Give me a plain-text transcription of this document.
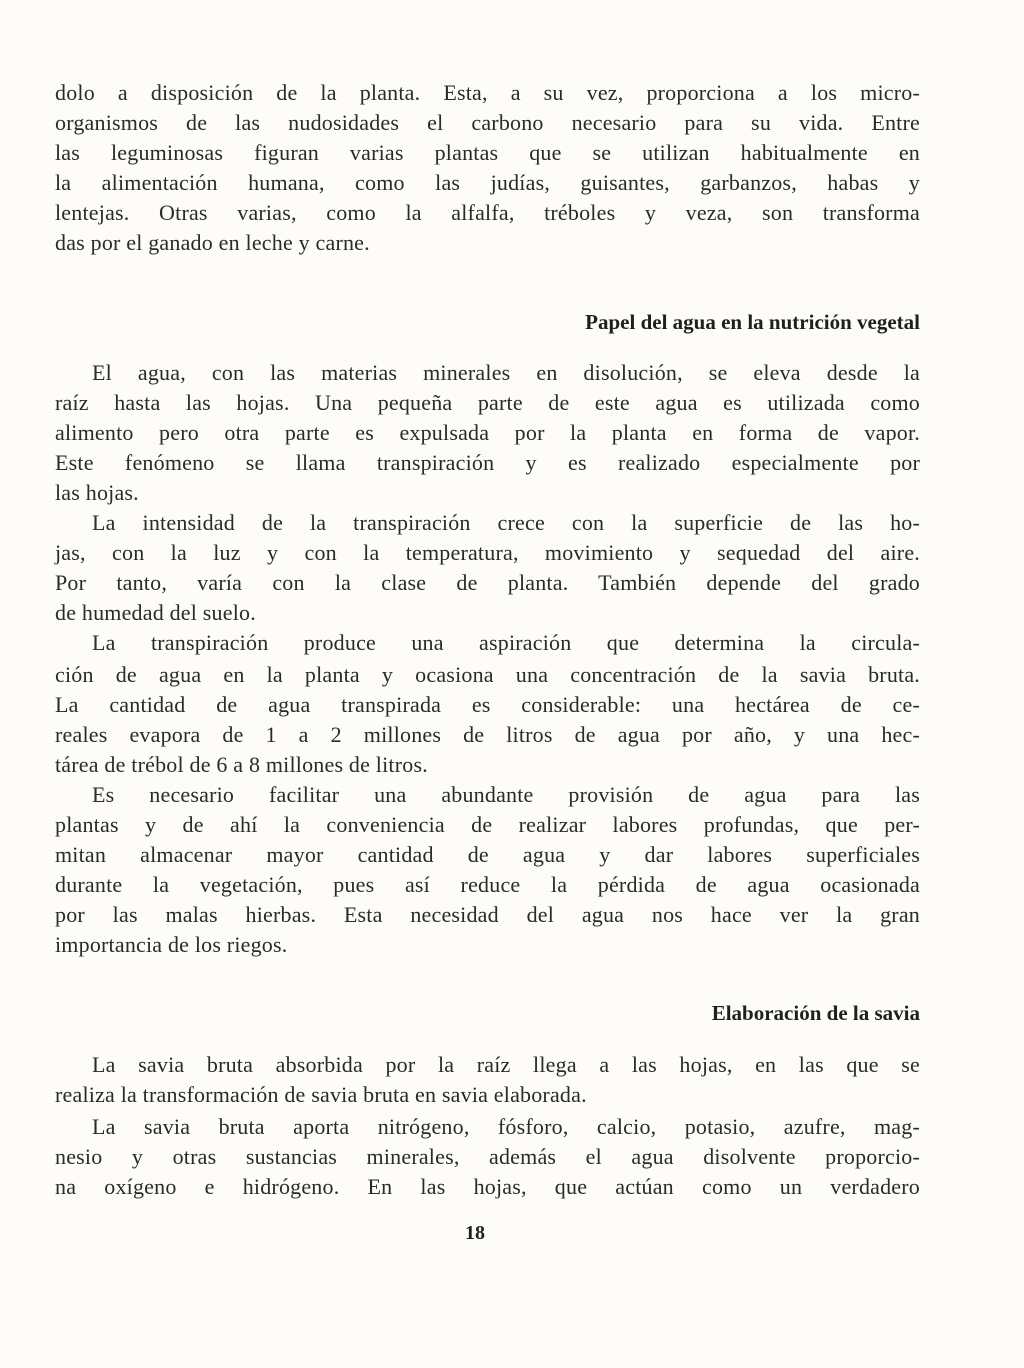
dolo a disposición de la planta. Esta, a su vez, proporciona a los micro-
organismos de las nudosidades el carbono necesario para su vida. Entre
las leguminosas figuran varias plantas que se utilizan habitualmente en
la alimentación humana, como las judías, guisantes, garbanzos, habas y
lentejas. Otras varias, como la alfalfa, tréboles y veza, son transforma
das por el ganado en leche y carne.
Papel del agua en la nutrición vegetal
El agua, con las materias minerales en disolución, se eleva desde la
raíz hasta las hojas. Una pequeña parte de este agua es utilizada como
alimento pero otra parte es expulsada por la planta en forma de vapor.
Este fenómeno se llama transpiración y es realizado especialmente por
las hojas.
La intensidad de la transpiración crece con la superficie de las ho-
jas, con la luz y con la temperatura, movimiento y sequedad del aire.
Por tanto, varía con la clase de planta. También depende del grado
de humedad del suelo.
La transpiración produce una aspiración que determina la circula-
ción de agua en la planta y ocasiona una concentración de la savia bruta.
La cantidad de agua transpirada es considerable: una hectárea de ce-
reales evapora de 1 a 2 millones de litros de agua por año, y una hec-
tárea de trébol de 6 a 8 millones de litros.
Es necesario facilitar una abundante provisión de agua para las
plantas y de ahí la conveniencia de realizar labores profundas, que per-
mitan almacenar mayor cantidad de agua y dar labores superficiales
durante la vegetación, pues así reduce la pérdida de agua ocasionada
por las malas hierbas. Esta necesidad del agua nos hace ver la gran
importancia de los riegos.
Elaboración de la savia
La savia bruta absorbida por la raíz llega a las hojas, en las que se
realiza la transformación de savia bruta en savia elaborada.
La savia bruta aporta nitrógeno, fósforo, calcio, potasio, azufre, mag-
nesio y otras sustancias minerales, además el agua disolvente proporcio-
na oxígeno e hidrógeno. En las hojas, que actúan como un verdadero
18
